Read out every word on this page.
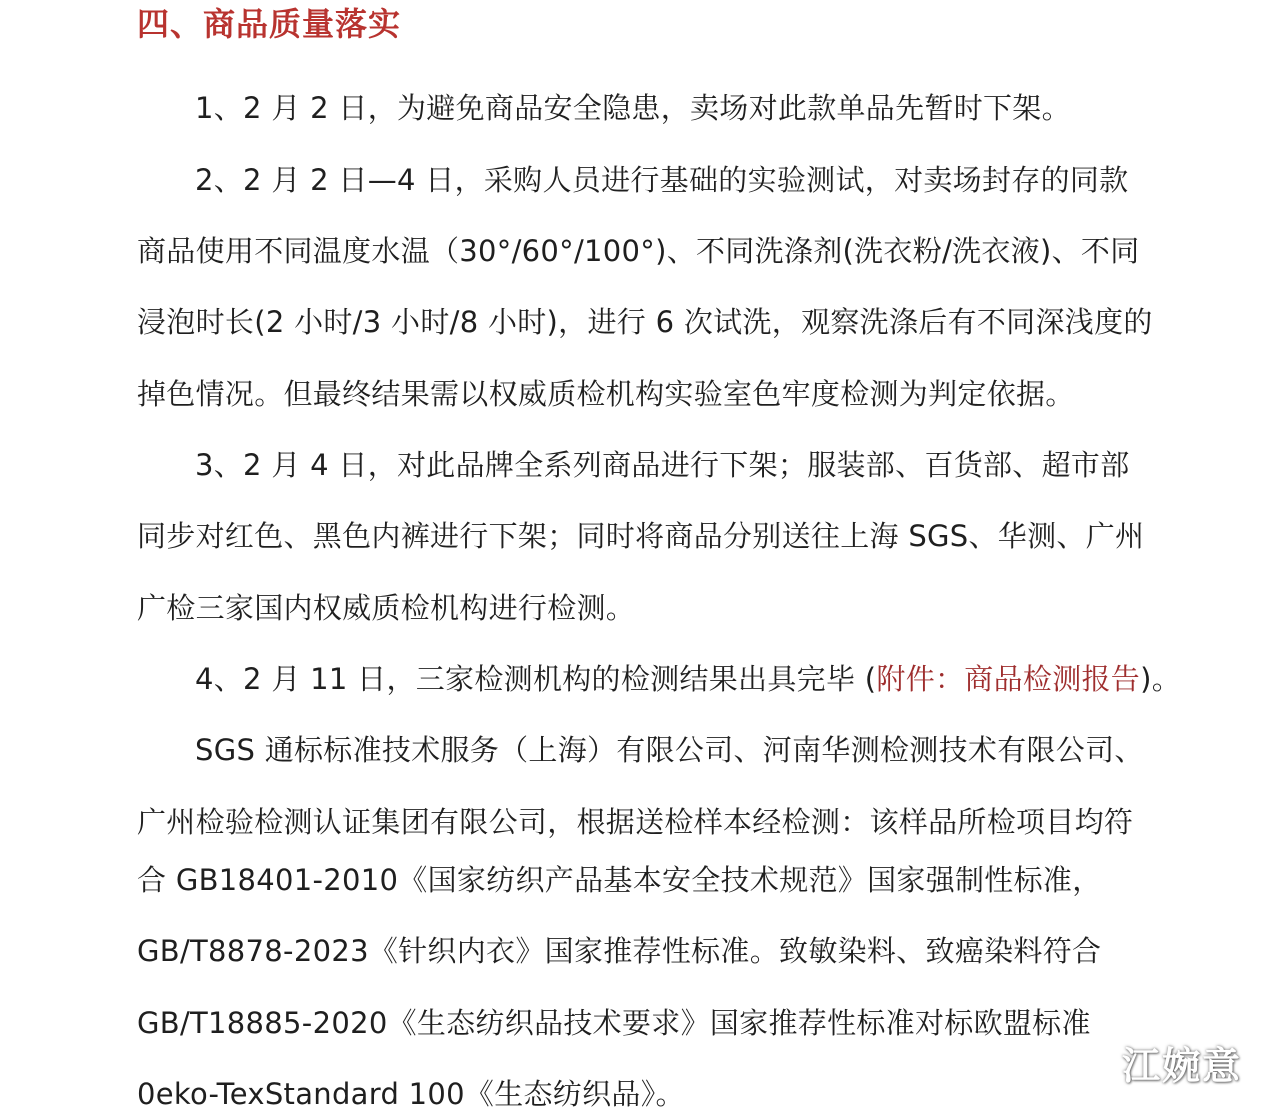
四、商品质量落实
1、2 月 2 日，为避免商品安全隐患，卖场对此款单品先暂时下架。
2、2 月 2 日—4 日，采购人员进行基础的实验测试，对卖场封存的同款
商品使用不同温度水温（30°/60°/100°)、不同洗涤剂(洗衣粉/洗衣液)、不同
浸泡时长(2 小时/3 小时/8 小时)，进行 6 次试洗，观察洗涤后有不同深浅度的
掉色情况。但最终结果需以权威质检机构实验室色牢度检测为判定依据。
3、2 月 4 日，对此品牌全系列商品进行下架；服装部、百货部、超市部
同步对红色、黑色内裤进行下架；同时将商品分别送往上海 SGS、华测、广州
广检三家国内权威质检机构进行检测。
4、2 月 11 日，三家检测机构的检测结果出具完毕 (附件：商品检测报告)。
SGS 通标标准技术服务（上海）有限公司、河南华测检测技术有限公司、
广州检验检测认证集团有限公司，根据送检样本经检测：该样品所检项目均符
合 GB18401-2010《国家纺织产品基本安全技术规范》国家强制性标准，
GB/T8878-2023《针织内衣》国家推荐性标准。致敏染料、致癌染料符合
GB/T18885-2020《生态纺织品技术要求》国家推荐性标准对标欧盟标准
0eko-TexStandard 100《生态纺织品》。
江婉意
